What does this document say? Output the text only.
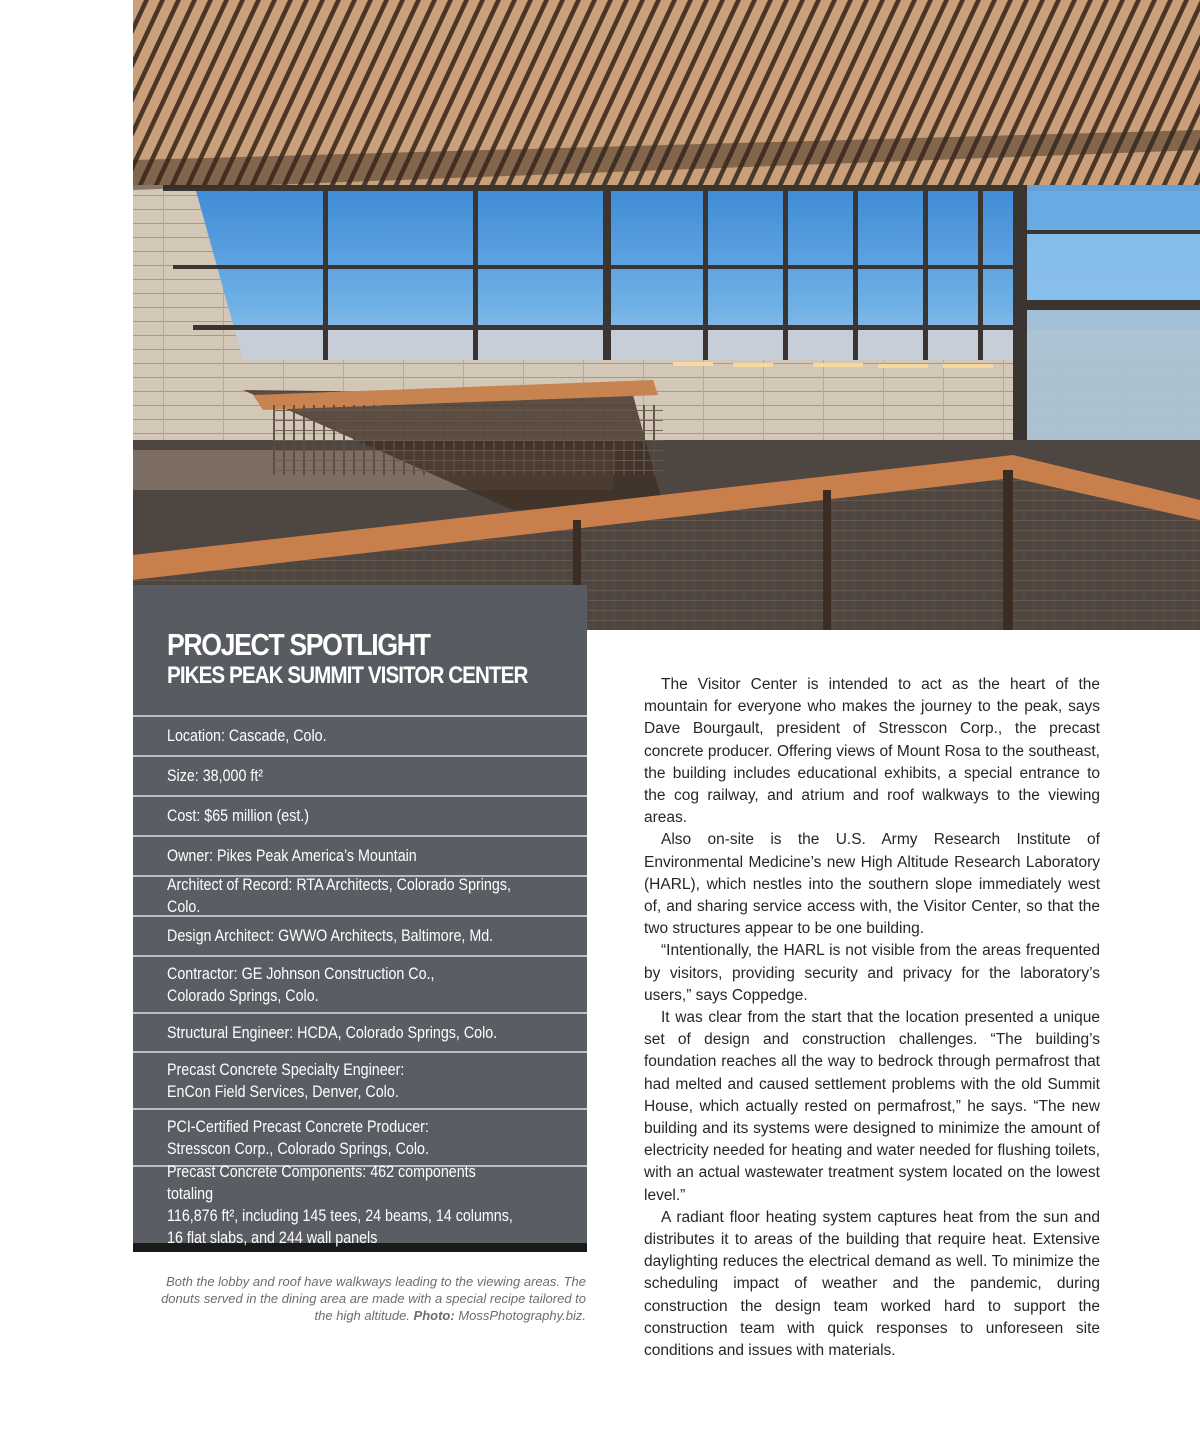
PROJECT SPOTLIGHT
PIKES PEAK SUMMIT VISITOR CENTER
Location: Cascade, Colo.
Size: 38,000 ft²
Cost: $65 million (est.)
Owner: Pikes Peak America’s Mountain
Architect of Record: RTA Architects, Colorado Springs, Colo.
Design Architect: GWWO Architects, Baltimore, Md.
Contractor: GE Johnson Construction Co.,
Colorado Springs, Colo.
Structural Engineer: HCDA, Colorado Springs, Colo.
Precast Concrete Specialty Engineer:
EnCon Field Services, Denver, Colo.
PCI-Certified Precast Concrete Producer:
Stresscon Corp., Colorado Springs, Colo.
Precast Concrete Components: 462 components totaling
116,876 ft², including 145 tees, 24 beams, 14 columns,
16 flat slabs, and 244 wall panels
Both the lobby and roof have walkways leading to the viewing areas. The donuts served in the dining area are made with a special recipe tailored to the high altitude. Photo: MossPhotography.biz.

The Visitor Center is intended to act as the heart of the mountain for everyone who makes the journey to the peak, says Dave Bourgault, president of Stresscon Corp., the precast concrete producer. Offering views of Mount Rosa to the southeast, the building includes educational exhibits, a special entrance to the cog railway, and atrium and roof walkways to the viewing areas.

Also on-site is the U.S. Army Research Institute of Environmental Medicine’s new High Altitude Research Laboratory (HARL), which nestles into the southern slope immediately west of, and sharing service access with, the Visitor Center, so that the two structures appear to be one building.

“Intentionally, the HARL is not visible from the areas frequented by visitors, providing security and privacy for the laboratory’s users,” says Coppedge.

It was clear from the start that the location presented a unique set of design and construction challenges. “The building’s foundation reaches all the way to bedrock through permafrost that had melted and caused settlement problems with the old Summit House, which actually rested on permafrost,” he says. “The new building and its systems were designed to minimize the amount of electricity needed for heating and water needed for flushing toilets, with an actual wastewater treatment system located on the lowest level.”

A radiant floor heating system captures heat from the sun and distributes it to areas of the building that require heat. Extensive daylighting reduces the electrical demand as well. To minimize the scheduling impact of weather and the pandemic, during construction the design team worked hard to support the construction team with quick responses to unforeseen site conditions and issues with materials.
